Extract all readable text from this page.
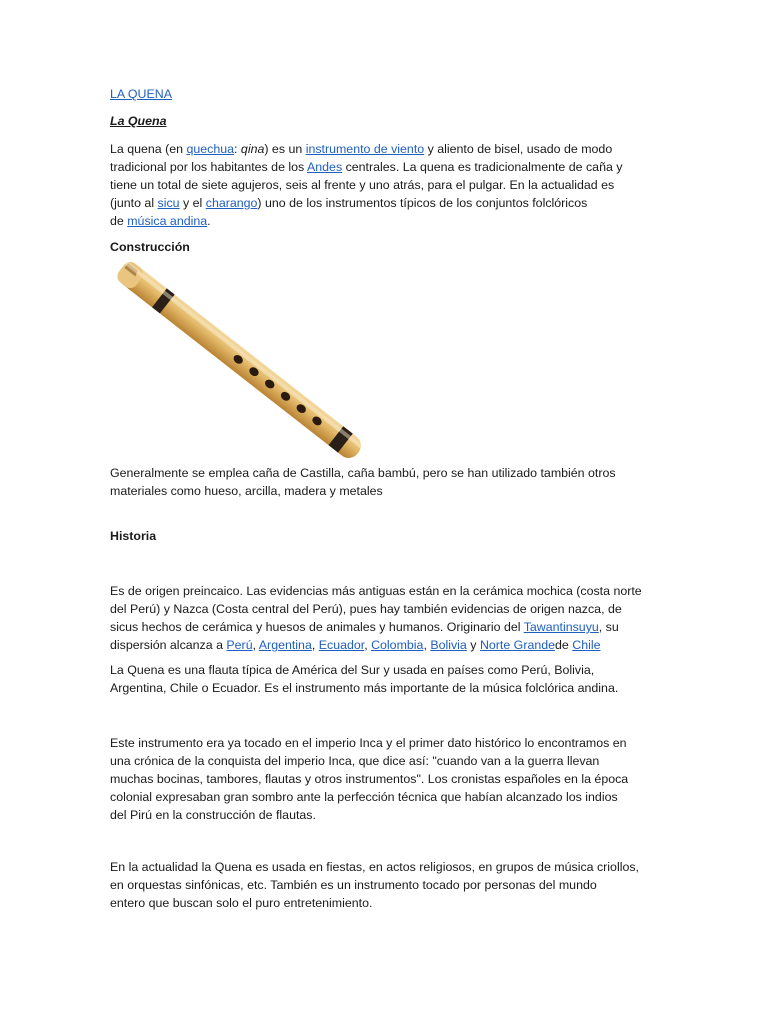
LA QUENA

La Quena

La quena (en quechua: qina) es un instrumento de viento y aliento de bisel, usado de modo
tradicional por los habitantes de los Andes centrales. La quena es tradicionalmente de caña y
tiene un total de siete agujeros, seis al frente y uno atrás, para el pulgar. En la actualidad es
(junto al sicu y el charango) uno de los instrumentos típicos de los conjuntos folclóricos
de música andina.

Construcción

Generalmente se emplea caña de Castilla, caña bambú, pero se han utilizado también otros
materiales como hueso, arcilla, madera y metales

Historia

Es de origen preincaico. Las evidencias más antiguas están en la cerámica mochica (costa norte
del Perú) y Nazca (Costa central del Perú), pues hay también evidencias de origen nazca, de
sicus hechos de cerámica y huesos de animales y humanos. Originario del Tawantinsuyu, su
dispersión alcanza a Perú, Argentina, Ecuador, Colombia, Bolivia y Norte Grandede Chile

La Quena es una flauta típica de América del Sur y usada en países como Perú, Bolivia,
Argentina, Chile o Ecuador. Es el instrumento más importante de la música folclórica andina.

Este instrumento era ya tocado en el imperio Inca y el primer dato histórico lo encontramos en
una crónica de la conquista del imperio Inca, que dice así: "cuando van a la guerra llevan
muchas bocinas, tambores, flautas y otros instrumentos". Los cronistas españoles en la época
colonial expresaban gran sombro ante la perfección técnica que habían alcanzado los indios
del Pirú en la construcción de flautas.

En la actualidad la Quena es usada en fiestas, en actos religiosos, en grupos de música criollos,
en orquestas sinfónicas, etc. También es un instrumento tocado por personas del mundo
entero que buscan solo el puro entretenimiento.
